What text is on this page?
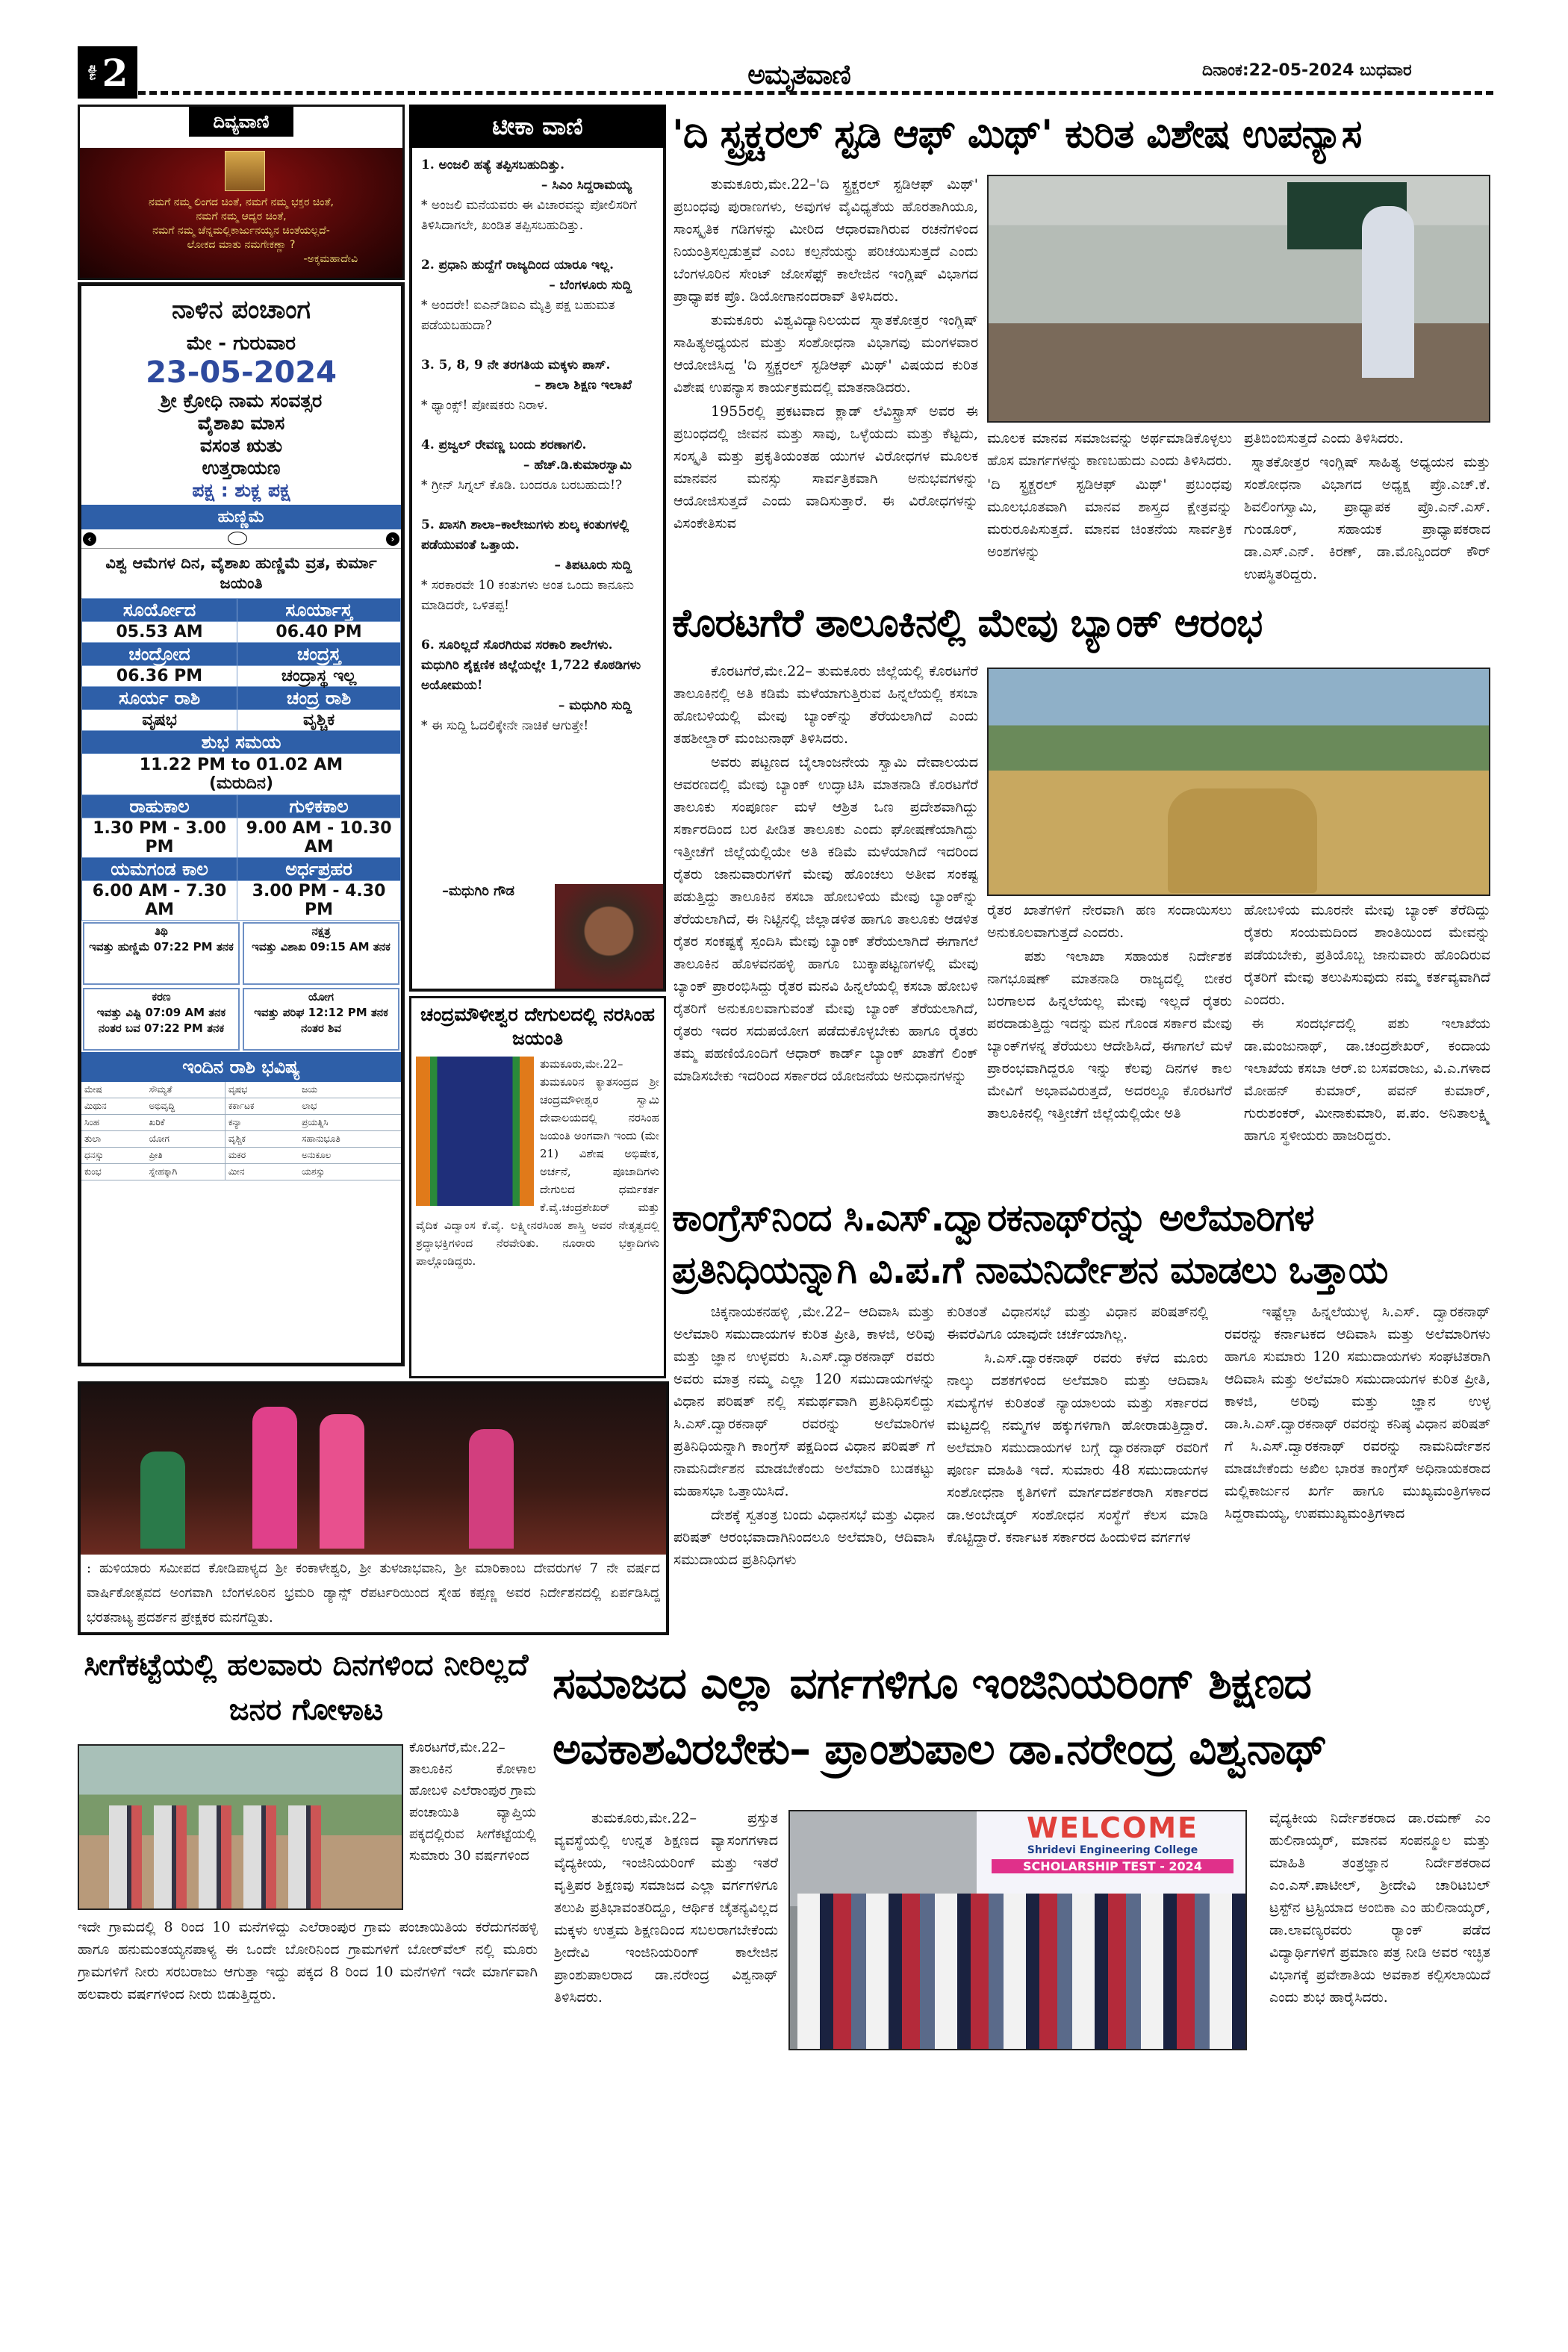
ಪುಟ 2	ಅಮೃತವಾಣಿ	ದಿನಾಂಕ:22-05-2024 ಬುಧವಾರ
ದಿವ್ಯವಾಣಿ
ನಮಗೆ ನಮ್ಮ ಲಿಂಗದ ಚಿಂತೆ, ನಮಗೆ ನಮ್ಮ ಭಕ್ತರ ಚಿಂತೆ,
ನಮಗೆ ನಮ್ಮ ಆದ್ಯರ ಚಿಂತೆ,
ನಮಗೆ ನಮ್ಮ ಚೆನ್ನಮಲ್ಲಿಕಾರ್ಜುನಯ್ಯನ ಚಿಂತೆಯಲ್ಲದೆ-
ಲೋಕದ ಮಾತು ನಮಗೇಕಣ್ಣಾ ?
-ಅಕ್ಕಮಹಾದೇವಿ
ನಾಳಿನ ಪಂಚಾಂಗ
ಮೇ - ಗುರುವಾರ
23-05-2024
ಶ್ರೀ ಕ್ರೋಧಿ ನಾಮ ಸಂವತ್ಸರ
ವೈಶಾಖ ಮಾಸ
ವಸಂತ ಋತು
ಉತ್ತರಾಯಣ
ಪಕ್ಷ : ಶುಕ್ಲ ಪಕ್ಷ
ಹುಣ್ಣಿಮೆ
‹	›
ವಿಶ್ವ ಆಮೆಗಳ ದಿನ, ವೈಶಾಖ ಹುಣ್ಣಿಮೆ ವ್ರತ, ಕುರ್ಮಾ ಜಯಂತಿ
ಸೂರ್ಯೋದ	ಸೂರ್ಯಾಸ್ತ
05.53 AM	06.40 PM
ಚಂದ್ರೋದ	ಚಂದ್ರಸ್ತ
06.36 PM	ಚಂದ್ರಾಸ್ಥ ಇಲ್ಲ
ಸೂರ್ಯ ರಾಶಿ	ಚಂದ್ರ ರಾಶಿ
ವೃಷಭ	ವೃಶ್ಚಿಕ
ಶುಭ ಸಮಯ	
11.22 PM to 01.02 AM (ಮರುದಿನ)	
ರಾಹುಕಾಲ	ಗುಳಿಕಕಾಲ
1.30 PM - 3.00 PM	9.00 AM - 10.30 AM
ಯಮಗಂಡ ಕಾಲ	ಅರ್ಧಪ್ರಹರ
6.00 AM - 7.30 AM	3.00 PM - 4.30 PM
ತಿಥಿ
ಇವತ್ತು ಹುಣ್ಣಿಮೆ 07:22 PM ತನಕ
ನಕ್ಷತ್ರ
ಇವತ್ತು ವಿಶಾಖ 09:15 AM ತನಕ
ಕರಣ
ಇವತ್ತು ವಿಷ್ಟಿ 07:09 AM ತನಕ ನಂತರ ಬವ 07:22 PM ತನಕ
ಯೋಗ
ಇವತ್ತು ಪರಿಘ 12:12 PM ತನಕ ನಂತರ ಶಿವ
ಇಂದಿನ ರಾಶಿ ಭವಿಷ್ಯ
ಮೇಷ	ಸೌಮ್ಯತೆ	ವೃಷಭ	ಜಯ
ಮಿಥುನ	ಅಭಿವೃದ್ಧಿ	ಕರ್ಕಾಟಕ	ಲಾಭ
ಸಿಂಹ	ಖರಿಕೆ	ಕನ್ಯಾ	ಪ್ರಯತ್ನಿಸಿ
ತುಲಾ	ಯೋಗ	ವೃಶ್ಚಿಕ	ಸಹಾನುಭೂತಿ
ಧನಸ್ಸು	ಪ್ರೀತಿ	ಮಕರ	ಅನುಕೂಲ
ಕುಂಭ	ಸ್ನೇಹಕ್ಕಾಗಿ	ಮೀನ	ಯಶಸ್ಸು
ಟೀಕಾ ವಾಣಿ
1. ಅಂಜಲಿ ಹತ್ಯೆ ತಪ್ಪಿಸಬಹುದಿತ್ತು.
– ಸಿಎಂ ಸಿದ್ದರಾಮಯ್ಯ
* ಅಂಜಲಿ ಮನೆಯವರು ಈ ವಿಚಾರವನ್ನು ಪೋಲಿಸರಿಗೆ ತಿಳಿಸಿದಾಗಲೇ, ಖಂಡಿತ ತಪ್ಪಿಸಬಹುದಿತ್ತು.
2. ಪ್ರಧಾನಿ ಹುದ್ದೆಗೆ ರಾಜ್ಯದಿಂದ ಯಾರೂ ಇಲ್ಲ.
– ಬೆಂಗಳೂರು ಸುದ್ದಿ
* ಅಂದರೇ! ಐಎನ್‌ಡಿಐಎ ಮೈತ್ರಿ ಪಕ್ಷ ಬಹುಮತ ಪಡೆಯಬಹುದಾ?
3. 5, 8, 9 ನೇ ತರಗತಿಯ ಮಕ್ಕಳು ಪಾಸ್.
– ಶಾಲಾ ಶಿಕ್ಷಣ ಇಲಾಖೆ
* ಥ್ಯಾಂಕ್ಸ್! ಪೋಷಕರು ನಿರಾಳ.
4. ಪ್ರಜ್ವಲ್ ರೇವಣ್ಣ ಬಂದು ಶರಣಾಗಲಿ.
– ಹೆಚ್.ಡಿ.ಕುಮಾರಸ್ವಾಮಿ
* ಗ್ರೀನ್ ಸಿಗ್ನಲ್ ಕೊಡಿ. ಬಂದರೂ ಬರಬಹುದು!?
5. ಖಾಸಗಿ ಶಾಲಾ–ಕಾಲೇಜುಗಳು ಶುಲ್ಕ ಕಂತುಗಳಲ್ಲಿ ಪಡೆಯುವಂತೆ ಒತ್ತಾಯ.
– ತಿಪಟೂರು ಸುದ್ದಿ
* ಸರಕಾರವೇ 10 ಕಂತುಗಳು ಅಂತ ಒಂದು ಕಾನೂನು ಮಾಡಿದರೇ, ಒಳಿತಪ್ಪ!
6. ಸೂರಿಲ್ಲದೆ ಸೊರಗಿರುವ ಸರಕಾರಿ ಶಾಲೆಗಳು. ಮಧುಗಿರಿ ಶೈಕ್ಷಣಿಕ ಜಿಲ್ಲೆಯಲ್ಲೇ 1,722 ಕೊಠಡಿಗಳು ಅಯೋಮಯ!
– ಮಧುಗಿರಿ ಸುದ್ದಿ
* ಈ ಸುದ್ದಿ ಓದಲಿಕ್ಕೇನೇ ನಾಚಿಕೆ ಆಗುತ್ತೇ!
–ಮಧುಗಿರಿ ಗೌಡ
ಚಂದ್ರಮೌಳೀಶ್ವರ ದೇಗುಲದಲ್ಲಿ ನರಸಿಂಹ ಜಯಂತಿ
ತುಮಕೂರು,ಮೇ.22– ತುಮಕೂರಿನ ಕ್ಯಾತಸಂದ್ರದ ಶ್ರೀ ಚಂದ್ರಮೌಳೀಶ್ವರ ಸ್ವಾಮಿ ದೇವಾಲಯದಲ್ಲಿ ನರಸಿಂಹ ಜಯಂತಿ ಅಂಗವಾಗಿ ಇಂದು (ಮೇ 21) ವಿಶೇಷ ಅಭಿಷೇಕ, ಅರ್ಚನೆ, ಪೂಜಾದಿಗಳು ದೇಗುಲದ ಧರ್ಮಕರ್ತ ಕೆ.ವೈ.ಚಂದ್ರಶೇಖರ್ ಮತ್ತು ವೈದಿಕ ವಿದ್ವಾಂಸ ಕೆ.ವೈ. ಲಕ್ಷ್ಮೀನರಸಿಂಹ ಶಾಸ್ತ್ರಿ ಅವರ ನೇತೃತ್ವದಲ್ಲಿ ಶ್ರದ್ಧಾಭಕ್ತಿಗಳಿಂದ ನೆರವೇರಿತು. ನೂರಾರು ಭಕ್ತಾದಿಗಳು ಪಾಲ್ಗೊಂಡಿದ್ದರು.
: ಹುಳಿಯಾರು ಸಮೀಪದ ಕೋಡಿಪಾಳ್ಯದ ಶ್ರೀ ಕಂಕಾಳೇಶ್ವರಿ, ಶ್ರೀ ತುಳಜಾಭವಾನಿ, ಶ್ರೀ ಮಾರಿಕಾಂಬ ದೇವರುಗಳ 7 ನೇ ವರ್ಷದ ವಾರ್ಷಿಕೋತ್ಸವದ ಅಂಗವಾಗಿ ಬೆಂಗಳೂರಿನ ಭ್ರಮರಿ ಡ್ಯಾನ್ಸ್ ರೆಪರ್ಟರಿಯಿಂದ ಸ್ನೇಹ ಕಪ್ಪಣ್ಣ ಅವರ ನಿರ್ದೇಶನದಲ್ಲಿ ಏರ್ಪಡಿಸಿದ್ದ ಭರತನಾಟ್ಯ ಪ್ರದರ್ಶನ ಪ್ರೇಕ್ಷಕರ ಮನಗೆದ್ದಿತು.
'ದಿ ಸ್ಟ್ರಕ್ಚರಲ್ ಸ್ಟಡಿ ಆಫ್ ಮಿಥ್' ಕುರಿತ ವಿಶೇಷ ಉಪನ್ಯಾಸ

ತುಮಕೂರು,ಮೇ.22–'ದಿ ಸ್ಟ್ರಕ್ಚರಲ್ ಸ್ಟಡಿಆಫ್ ಮಿಥ್' ಪ್ರಬಂಧವು ಪುರಾಣಗಳು, ಅವುಗಳ ವೈವಿಧ್ಯತೆಯ ಹೊರತಾಗಿಯೂ, ಸಾಂಸ್ಕೃತಿಕ ಗಡಿಗಳನ್ನು ಮೀರಿದ ಆಧಾರವಾಗಿರುವ ರಚನೆಗಳಿಂದ ನಿಯಂತ್ರಿಸಲ್ಪಡುತ್ತವೆ ಎಂಬ ಕಲ್ಪನೆಯನ್ನು ಪರಿಚಯಿಸುತ್ತದೆ ಎಂದು ಬೆಂಗಳೂರಿನ ಸೇಂಟ್ ಜೋಸೆಫ್ಸ್ ಕಾಲೇಜಿನ ಇಂಗ್ಲಿಷ್ ವಿಭಾಗದ ಪ್ರಾಧ್ಯಾಪಕ ಪ್ರೊ. ಡಿಯೋಗಾನಂದರಾವ್ ತಿಳಿಸಿದರು.

ತುಮಕೂರು ವಿಶ್ವವಿದ್ಯಾನಿಲಯದ ಸ್ನಾತಕೋತ್ತರ ಇಂಗ್ಲಿಷ್ ಸಾಹಿತ್ಯಅಧ್ಯಯನ ಮತ್ತು ಸಂಶೋಧನಾ ವಿಭಾಗವು ಮಂಗಳವಾರ ಆಯೋಜಿಸಿದ್ದ 'ದಿ ಸ್ಟ್ರಕ್ಚರಲ್ ಸ್ಟಡಿಆಫ್ ಮಿಥ್' ವಿಷಯದ ಕುರಿತ ವಿಶೇಷ ಉಪನ್ಯಾಸ ಕಾರ್ಯಕ್ರಮದಲ್ಲಿ ಮಾತನಾಡಿದರು.

1955ರಲ್ಲಿ ಪ್ರಕಟವಾದ ಕ್ಲಾಡ್ ಲೆವಿಸ್ಟ್ರಾಸ್ ಅವರ ಈ ಪ್ರಬಂಧದಲ್ಲಿ ಜೀವನ ಮತ್ತು ಸಾವು, ಒಳ್ಳೆಯದು ಮತ್ತು ಕೆಟ್ಟದು, ಸಂಸ್ಕೃತಿ ಮತ್ತು ಪ್ರಕೃತಿಯಂತಹ ಯುಗಳ ವಿರೋಧಗಳ ಮೂಲಕ ಮಾನವನ ಮನಸ್ಸು ಸಾರ್ವತ್ರಿಕವಾಗಿ ಅನುಭವಗಳನ್ನು ಆಯೋಜಿಸುತ್ತದೆ ಎಂದು ವಾದಿಸುತ್ತಾರೆ. ಈ ವಿರೋಧಗಳನ್ನು ವಿಸಂಕೇತಿಸುವ

ಮೂಲಕ ಮಾನವ ಸಮಾಜವನ್ನು ಅರ್ಥಮಾಡಿಕೊಳ್ಳಲು ಹೊಸ ಮಾರ್ಗಗಳನ್ನು ಕಾಣಬಹುದು ಎಂದು ತಿಳಿಸಿದರು.

'ದಿ ಸ್ಟ್ರಕ್ಚರಲ್ ಸ್ಟಡಿಆಫ್ ಮಿಥ್' ಪ್ರಬಂಧವು ಮೂಲಭೂತವಾಗಿ ಮಾನವ ಶಾಸ್ತ್ರದ ಕ್ಷೇತ್ರವನ್ನು ಮರುರೂಪಿಸುತ್ತದೆ. ಮಾನವ ಚಿಂತನೆಯ ಸಾರ್ವತ್ರಿಕ ಅಂಶಗಳನ್ನು

ಪ್ರತಿಬಿಂಬಿಸುತ್ತದೆ ಎಂದು ತಿಳಿಸಿದರು.

ಸ್ನಾತಕೋತ್ತರ ಇಂಗ್ಲಿಷ್ ಸಾಹಿತ್ಯ ಅಧ್ಯಯನ ಮತ್ತು ಸಂಶೋಧನಾ ವಿಭಾಗದ ಅಧ್ಯಕ್ಷ ಪ್ರೊ.ಎಚ್.ಕೆ. ಶಿವಲಿಂಗಸ್ವಾಮಿ, ಪ್ರಾಧ್ಯಾಪಕ ಪ್ರೊ.ಎನ್.ಎಸ್. ಗುಂಡೂರ್, ಸಹಾಯಕ ಪ್ರಾಧ್ಯಾಪಕರಾದ ಡಾ.ಎಸ್.ಎನ್. ಕಿರಣ್, ಡಾ.ಮೊನ್ವಿಂದರ್ ಕೌರ್ ಉಪಸ್ಥಿತರಿದ್ದರು.

ಕೊರಟಗೆರೆ ತಾಲೂಕಿನಲ್ಲಿ ಮೇವು ಬ್ಯಾಂಕ್ ಆರಂಭ

ಕೊರಟಗೆರೆ,ಮೇ.22– ತುಮಕೂರು ಜಿಲ್ಲೆಯಲ್ಲಿ ಕೊರಟಗೆರೆ ತಾಲೂಕಿನಲ್ಲಿ ಅತಿ ಕಡಿಮೆ ಮಳೆಯಾಗುತ್ತಿರುವ ಹಿನ್ನಲೆಯಲ್ಲಿ ಕಸಬಾ ಹೋಬಳಿಯಲ್ಲಿ ಮೇವು ಬ್ಯಾಂಕ್‌ನ್ನು ತೆರೆಯಲಾಗಿದೆ ಎಂದು ತಹಶೀಲ್ದಾರ್ ಮಂಜುನಾಥ್ ತಿಳಿಸಿದರು.

ಅವರು ಪಟ್ಟಣದ ಬೈಲಾಂಜನೇಯ ಸ್ವಾಮಿ ದೇವಾಲಯದ ಆವರಣದಲ್ಲಿ ಮೇವು ಬ್ಯಾಂಕ್ ಉದ್ಘಾಟಿಸಿ ಮಾತನಾಡಿ ಕೊರಟಗೆರೆ ತಾಲೂಕು ಸಂಪೂರ್ಣ ಮಳೆ ಆಶ್ರಿತ ಒಣ ಪ್ರದೇಶವಾಗಿದ್ದು ಸರ್ಕಾರದಿಂದ ಬರ ಪೀಡಿತ ತಾಲೂಕು ಎಂದು ಘೋಷಣೆಯಾಗಿದ್ದು ಇತ್ತೀಚೆಗೆ ಜಿಲ್ಲೆಯಲ್ಲಿಯೇ ಅತಿ ಕಡಿಮೆ ಮಳೆಯಾಗಿದೆ ಇದರಿಂದ ರೈತರು ಜಾನುವಾರುಗಳಿಗೆ ಮೇವು ಹೊಂಚಲು ಅತೀವ ಸಂಕಷ್ಟ ಪಡುತ್ತಿದ್ದು ತಾಲೂಕಿನ ಕಸಬಾ ಹೋಬಳಿಯ ಮೇವು ಬ್ಯಾಂಕ್‌ನ್ನು ತೆರೆಯಲಾಗಿದೆ, ಈ ನಿಟ್ಟಿನಲ್ಲಿ ಜಿಲ್ಲಾಡಳಿತ ಹಾಗೂ ತಾಲೂಕು ಆಡಳಿತ ರೈತರ ಸಂಕಷ್ಟಕ್ಕೆ ಸ್ಪಂದಿಸಿ ಮೇವು ಬ್ಯಾಂಕ್ ತೆರೆಯಲಾಗಿದೆ ಈಗಾಗಲೆ ತಾಲೂಕಿನ ಹೊಳವನಹಳ್ಳಿ ಹಾಗೂ ಬುಕ್ಕಾಪಟ್ಟಣಗಳಲ್ಲಿ ಮೇವು ಬ್ಯಾಂಕ್ ಪ್ರಾರಂಭಿಸಿದ್ದು ರೈತರ ಮನವಿ ಹಿನ್ನಲೆಯಲ್ಲಿ ಕಸಬಾ ಹೋಬಳಿ ರೈತರಿಗೆ ಅನುಕೂಲವಾಗುವಂತೆ ಮೇವು ಬ್ಯಾಂಕ್ ತೆರೆಯಲಾಗಿದೆ, ರೈತರು ಇದರ ಸದುಪಯೋಗ ಪಡೆದುಕೊಳ್ಳಬೇಕು ಹಾಗೂ ರೈತರು ತಮ್ಮ ಪಹಣಿಯೊಂದಿಗೆ ಆಧಾರ್ ಕಾರ್ಡ್ ಬ್ಯಾಂಕ್ ಖಾತೆಗೆ ಲಿಂಕ್ ಮಾಡಿಸಬೇಕು ಇದರಿಂದ ಸರ್ಕಾರದ ಯೋಜನೆಯ ಅನುಧಾನಗಳನ್ನು

ರೈತರ ಖಾತೆಗಳಿಗೆ ನೇರವಾಗಿ ಹಣ ಸಂದಾಯಿಸಲು ಅನುಕೂಲವಾಗುತ್ತದೆ ಎಂದರು.

ಪಶು ಇಲಾಖಾ ಸಹಾಯಕ ನಿರ್ದೇಶಕ ನಾಗಭೂಷಣ್ ಮಾತನಾಡಿ ರಾಜ್ಯದಲ್ಲಿ ಬೀಕರ ಬರಗಾಲದ ಹಿನ್ನಲೆಯಲ್ಲ ಮೇವು ಇಲ್ಲದೆ ರೈತರು ಪರದಾಡುತ್ತಿದ್ದು ಇದನ್ನು ಮನ ಗೊಂಡ ಸರ್ಕಾರ ಮೇವು ಬ್ಯಾಂಕ್‌ಗಳನ್ನ ತೆರೆಯಲು ಆದೇಶಿಸಿದೆ, ಈಗಾಗಲೆ ಮಳೆ ಪ್ರಾರಂಭವಾಗಿದ್ದರೂ ಇನ್ನು ಕೆಲವು ದಿನಗಳ ಕಾಲ ಮೇವಿಗೆ ಅಭಾವವಿರುತ್ತದೆ, ಅದರಲ್ಲೂ ಕೊರಟಗೆರೆ ತಾಲೂಕಿನಲ್ಲಿ ಇತ್ತೀಚೆಗೆ ಜಿಲ್ಲೆಯಲ್ಲಿಯೇ ಅತಿ

ಹೋಬಳಿಯ ಮೂರನೇ ಮೇವು ಬ್ಯಾಂಕ್ ತೆರೆದಿದ್ದು ರೈತರು ಸಂಯಮದಿಂದ ಶಾಂತಿಯಿಂದ ಮೇವನ್ನು ಪಡೆಯಬೇಕು, ಪ್ರತಿಯೊಬ್ಬ ಜಾನುವಾರು ಹೊಂದಿರುವ ರೈತರಿಗೆ ಮೇವು ತಲುಪಿಸುವುದು ನಮ್ಮ ಕರ್ತವ್ಯವಾಗಿದೆ ಎಂದರು.

ಈ ಸಂದರ್ಭದಲ್ಲಿ ಪಶು ಇಲಾಖೆಯ ಡಾ.ಮಂಜುನಾಥ್, ಡಾ.ಚಂದ್ರಶೇಖರ್, ಕಂದಾಯ ಇಲಾಖೆಯ ಕಸಬಾ ಆರ್.ಐ ಬಸವರಾಜು, ವಿ.ಎ.ಗಳಾದ ಮೋಹನ್ ಕುಮಾರ್, ಪವನ್ ಕುಮಾರ್, ಗುರುಶಂಕರ್, ಮೀನಾಕುಮಾರಿ, ಪ.ಪಂ. ಅನಿತಾಲಕ್ಷ್ಮಿ ಹಾಗೂ ಸ್ಥಳೀಯರು ಹಾಜರಿದ್ದರು.

ಕಾಂಗ್ರೆಸ್‌ನಿಂದ ಸಿ.ಎಸ್.ದ್ವಾರಕನಾಥ್‌ರನ್ನು ಅಲೆಮಾರಿಗಳ ಪ್ರತಿನಿಧಿಯನ್ನಾಗಿ ವಿ.ಪ.ಗೆ ನಾಮನಿರ್ದೇಶನ ಮಾಡಲು ಒತ್ತಾಯ

ಚಿಕ್ಕನಾಯಕನಹಳ್ಳಿ ,ಮೇ.22– ಆದಿವಾಸಿ ಮತ್ತು ಅಲೆಮಾರಿ ಸಮುದಾಯಗಳ ಕುರಿತ ಪ್ರೀತಿ, ಕಾಳಜಿ, ಅರಿವು ಮತ್ತು ಜ್ಞಾನ ಉಳ್ಳವರು ಸಿ.ಎಸ್.ದ್ವಾರಕನಾಥ್ ರವರು ಅವರು ಮಾತ್ರ ನಮ್ಮ ಎಲ್ಲಾ 120 ಸಮುದಾಯಗಳನ್ನು ವಿಧಾನ ಪರಿಷತ್ ನಲ್ಲಿ ಸಮರ್ಥವಾಗಿ ಪ್ರತಿನಿಧಿಸಲಿದ್ದು ಸಿ.ಎಸ್.ದ್ವಾರಕನಾಥ್ ರವರನ್ನು ಅಲೆಮಾರಿಗಳ ಪ್ರತಿನಿಧಿಯನ್ನಾಗಿ ಕಾಂಗ್ರೆಸ್ ಪಕ್ಷದಿಂದ ವಿಧಾನ ಪರಿಷತ್ ಗೆ ನಾಮನಿರ್ದೇಶನ ಮಾಡಬೇಕೆಂದು ಅಲೆಮಾರಿ ಬುಡಕಟ್ಟು ಮಹಾಸಭಾ ಒತ್ತಾಯಿಸಿದೆ.

ದೇಶಕ್ಕೆ ಸ್ವತಂತ್ರ ಬಂದು ವಿಧಾನಸಭೆ ಮತ್ತು ವಿಧಾನ ಪರಿಷತ್ ಆರಂಭವಾದಾಗಿನಿಂದಲೂ ಅಲೆಮಾರಿ, ಆದಿವಾಸಿ ಸಮುದಾಯದ ಪ್ರತಿನಿಧಿಗಳು

ಕುರಿತಂತೆ ವಿಧಾನಸಭೆ ಮತ್ತು ವಿಧಾನ ಪರಿಷತ್‌ನಲ್ಲಿ ಈವರೆವಿಗೂ ಯಾವುದೇ ಚರ್ಚೆಯಾಗಿಲ್ಲ.

ಸಿ.ಎಸ್.ದ್ವಾರಕನಾಥ್ ರವರು ಕಳೆದ ಮೂರು ನಾಲ್ಕು ದಶಕಗಳಿಂದ ಅಲೆಮಾರಿ ಮತ್ತು ಆದಿವಾಸಿ ಸಮಸ್ಯೆಗಳ ಕುರಿತಂತೆ ನ್ಯಾಯಾಲಯ ಮತ್ತು ಸರ್ಕಾರದ ಮಟ್ಟದಲ್ಲಿ ನಮ್ಮಗಳ ಹಕ್ಕುಗಳಿಗಾಗಿ ಹೋರಾಡುತ್ತಿದ್ದಾರೆ. ಅಲೆಮಾರಿ ಸಮುದಾಯಗಳ ಬಗ್ಗೆ ದ್ವಾರಕನಾಥ್ ರವರಿಗೆ ಪೂರ್ಣ ಮಾಹಿತಿ ಇದೆ. ಸುಮಾರು 48 ಸಮುದಾಯಗಳ ಸಂಶೋಧನಾ ಕೃತಿಗಳಿಗೆ ಮಾರ್ಗದರ್ಶಕರಾಗಿ ಸರ್ಕಾರದ ಡಾ.ಅಂಬೇಡ್ಕರ್ ಸಂಶೋಧನ ಸಂಸ್ಥೆಗೆ ಕೆಲಸ ಮಾಡಿ ಕೊಟ್ಟಿದ್ದಾರೆ. ಕರ್ನಾಟಕ ಸರ್ಕಾರದ ಹಿಂದುಳಿದ ವರ್ಗಗಳ

ಇಷ್ಟೆಲ್ಲಾ ಹಿನ್ನಲೆಯುಳ್ಳ ಸಿ.ಎಸ್. ದ್ವಾರಕನಾಥ್ ರವರನ್ನು ಕರ್ನಾಟಕದ ಆದಿವಾಸಿ ಮತ್ತು ಅಲೆಮಾರಿಗಳು ಹಾಗೂ ಸುಮಾರು 120 ಸಮುದಾಯಗಳು ಸಂಘಟಿತರಾಗಿ ಆದಿವಾಸಿ ಮತ್ತು ಅಲೆಮಾರಿ ಸಮುದಾಯಗಳ ಕುರಿತ ಪ್ರೀತಿ, ಕಾಳಜಿ, ಅರಿವು ಮತ್ತು ಜ್ಞಾನ ಉಳ್ಳ ಡಾ.ಸಿ.ಎಸ್.ದ್ವಾರಕನಾಥ್ ರವರನ್ನು ಕನಿಷ್ಠ ವಿಧಾನ ಪರಿಷತ್ ಗೆ ಸಿ.ಎಸ್.ದ್ವಾರಕನಾಥ್ ರವರನ್ನು ನಾಮನಿರ್ದೇಶನ ಮಾಡಬೇಕೆಂದು ಅಖಿಲ ಭಾರತ ಕಾಂಗ್ರೆಸ್ ಅಧಿನಾಯಕರಾದ ಮಲ್ಲಿಕಾರ್ಜುನ ಖರ್ಗೆ ಹಾಗೂ ಮುಖ್ಯಮಂತ್ರಿಗಳಾದ ಸಿದ್ದರಾಮಯ್ಯ, ಉಪಮುಖ್ಯಮಂತ್ರಿಗಳಾದ

ಸೀಗೆಕಟ್ಟೆಯಲ್ಲಿ ಹಲವಾರು ದಿನಗಳಿಂದ ನೀರಿಲ್ಲದೆ ಜನರ ಗೋಳಾಟ
ಕೊರಟಗೆರೆ,ಮೇ.22– ತಾಲೂಕಿನ ಕೋಳಾಲ ಹೋಬಳಿ ಎಲೆರಾಂಪುರ ಗ್ರಾಮ ಪಂಚಾಯಿತಿ ವ್ಯಾಪ್ತಿಯ ಪಕ್ಕದಲ್ಲಿರುವ ಸೀಗೆಕಟ್ಟೆಯಲ್ಲಿ ಸುಮಾರು 30 ವರ್ಷಗಳಿಂದ

ಇದೇ ಗ್ರಾಮದಲ್ಲಿ 8 ರಿಂದ 10 ಮನೆಗಳಿದ್ದು ಎಲೆರಾಂಪುರ ಗ್ರಾಮ ಪಂಚಾಯಿತಿಯ ಕರೆದುಗನಹಳ್ಳಿ ಹಾಗೂ ಹನುಮಂತಯ್ಯನಪಾಳ್ಯ ಈ ಒಂದೇ ಬೋರಿನಿಂದ ಗ್ರಾಮಗಳಿಗೆ ಬೋರ್‌ವೆಲ್ ನಲ್ಲಿ ಮೂರು ಗ್ರಾಮಗಳಿಗೆ ನೀರು ಸರಬರಾಜು ಆಗುತ್ತಾ ಇದ್ದು ಪಕ್ಕದ 8 ರಿಂದ 10 ಮನೆಗಳಿಗೆ ಇದೇ ಮಾರ್ಗವಾಗಿ ಹಲವಾರು ವರ್ಷಗಳಿಂದ ನೀರು ಬಿಡುತ್ತಿದ್ದರು.

ಸಮಾಜದ ಎಲ್ಲಾ ವರ್ಗಗಳಿಗೂ ಇಂಜಿನಿಯರಿಂಗ್ ಶಿಕ್ಷಣದ ಅವಕಾಶವಿರಬೇಕು– ಪ್ರಾಂಶುಪಾಲ ಡಾ.ನರೇಂದ್ರ ವಿಶ್ವನಾಥ್

ತುಮಕೂರು,ಮೇ.22– ಪ್ರಸ್ತುತ ವ್ಯವಸ್ಥೆಯಲ್ಲಿ ಉನ್ನತ ಶಿಕ್ಷಣದ ವ್ಯಾಸಂಗಗಳಾದ ವೈದ್ಯಕೀಯ, ಇಂಜಿನಿಯರಿಂಗ್ ಮತ್ತು ಇತರೆ ವೃತ್ತಿಪರ ಶಿಕ್ಷಣವು ಸಮಾಜದ ಎಲ್ಲಾ ವರ್ಗಗಳಿಗೂ ತಲುಪಿ ಪ್ರತಿಭಾವಂತರಿದ್ದೂ, ಆರ್ಥಿಕ ಚೈತನ್ಯವಿಲ್ಲದ ಮಕ್ಕಳು ಉತ್ತಮ ಶಿಕ್ಷಣದಿಂದ ಸಬಲರಾಗಬೇಕೆಂದು ಶ್ರೀದೇವಿ ಇಂಜಿನಿಯರಿಂಗ್ ಕಾಲೇಜಿನ ಪ್ರಾಂಶುಪಾಲರಾದ ಡಾ.ನರೇಂದ್ರ ವಿಶ್ವನಾಥ್ ತಿಳಿಸಿದರು.

WELCOME
Shridevi Engineering College
SCHOLARSHIP TEST - 2024

ವೈದ್ಯಕೀಯ ನಿರ್ದೇಶಕರಾದ ಡಾ.ರಮಣ್ ಎಂ ಹುಲಿನಾಯ್ಕರ್, ಮಾನವ ಸಂಪನ್ಮೂಲ ಮತ್ತು ಮಾಹಿತಿ ತಂತ್ರಜ್ಞಾನ ನಿರ್ದೇಶಕರಾದ ಎಂ.ಎಸ್.ಪಾಟೀಲ್, ಶ್ರೀದೇವಿ ಚಾರಿಟಬಲ್ ಟ್ರಸ್ಟ್‌ನ ಟ್ರಸ್ಟಿಯಾದ ಅಂಬಿಕಾ ಎಂ ಹುಲಿನಾಯ್ಕರ್, ಡಾ.ಲಾವಣ್ಯರವರು ರ್‍ಯಾಂಕ್ ಪಡೆದ ವಿದ್ಯಾರ್ಥಿಗಳಿಗೆ ಪ್ರಮಾಣ ಪತ್ರ ನೀಡಿ ಅವರ ಇಚ್ಛಿತ ವಿಭಾಗಕ್ಕೆ ಪ್ರವೇಶಾತಿಯ ಅವಕಾಶ ಕಲ್ಪಿಸಲಾಯಿದೆ ಎಂದು ಶುಭ ಹಾರೈಸಿದರು.
